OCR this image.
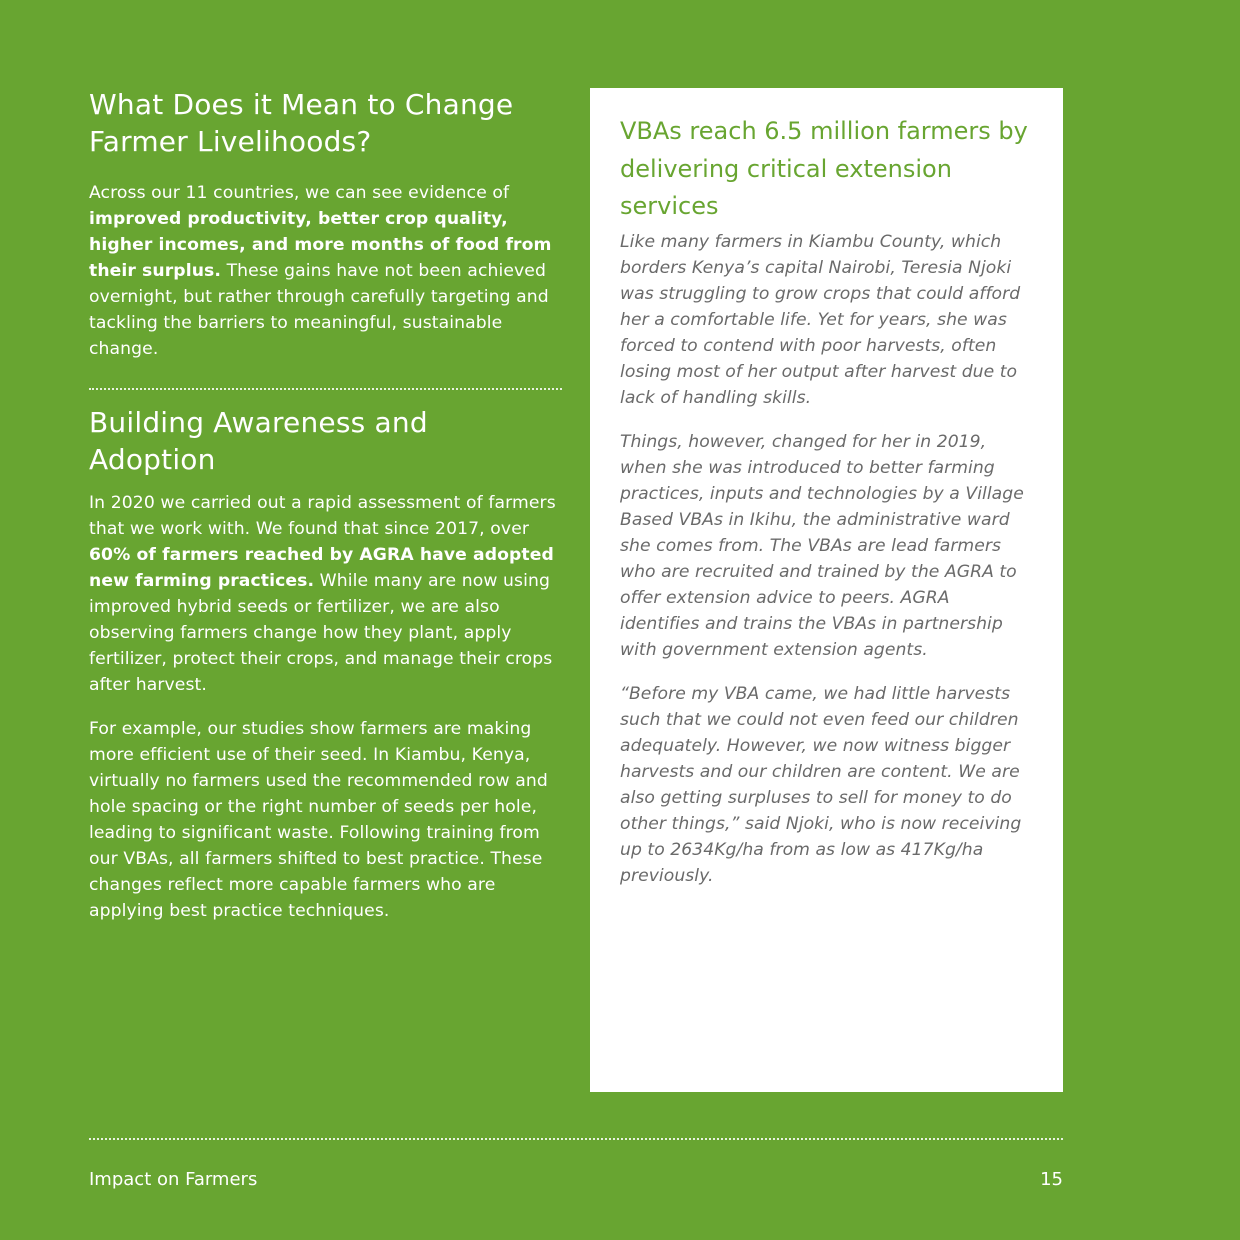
What Does it Mean to Change Farmer Livelihoods?

Across our 11 countries, we can see evidence of improved productivity, better crop quality, higher incomes, and more months of food from their surplus. These gains have not been achieved overnight, but rather through carefully targeting and tackling the barriers to meaningful, sustainable change.

Building Awareness and Adoption

In 2020 we carried out a rapid assessment of farmers that we work with. We found that since 2017, over 60% of farmers reached by AGRA have adopted new farming practices. While many are now using improved hybrid seeds or fertilizer, we are also observing farmers change how they plant, apply fertilizer, protect their crops, and manage their crops after harvest.

For example, our studies show farmers are making more efficient use of their seed. In Kiambu, Kenya, virtually no farmers used the recommended row and hole spacing or the right number of seeds per hole, leading to significant waste. Following training from our VBAs, all farmers shifted to best practice. These changes reflect more capable farmers who are applying best practice techniques.

VBAs reach 6.5 million farmers by delivering critical extension services

Like many farmers in Kiambu County, which borders Kenya’s capital Nairobi, Teresia Njoki was struggling to grow crops that could afford her a comfortable life. Yet for years, she was forced to contend with poor harvests, often losing most of her output after harvest due to lack of handling skills.

Things, however, changed for her in 2019, when she was introduced to better farming practices, inputs and technologies by a Village Based VBAs in Ikihu, the administrative ward she comes from. The VBAs are lead farmers who are recruited and trained by the AGRA to offer extension advice to peers. AGRA identifies and trains the VBAs in partnership with government extension agents.

“Before my VBA came, we had little harvests such that we could not even feed our children adequately. However, we now witness bigger harvests and our children are content. We are also getting surpluses to sell for money to do other things,” said Njoki, who is now receiving up to 2634Kg/ha from as low as 417Kg/ha previously.

Impact on Farmers	15
